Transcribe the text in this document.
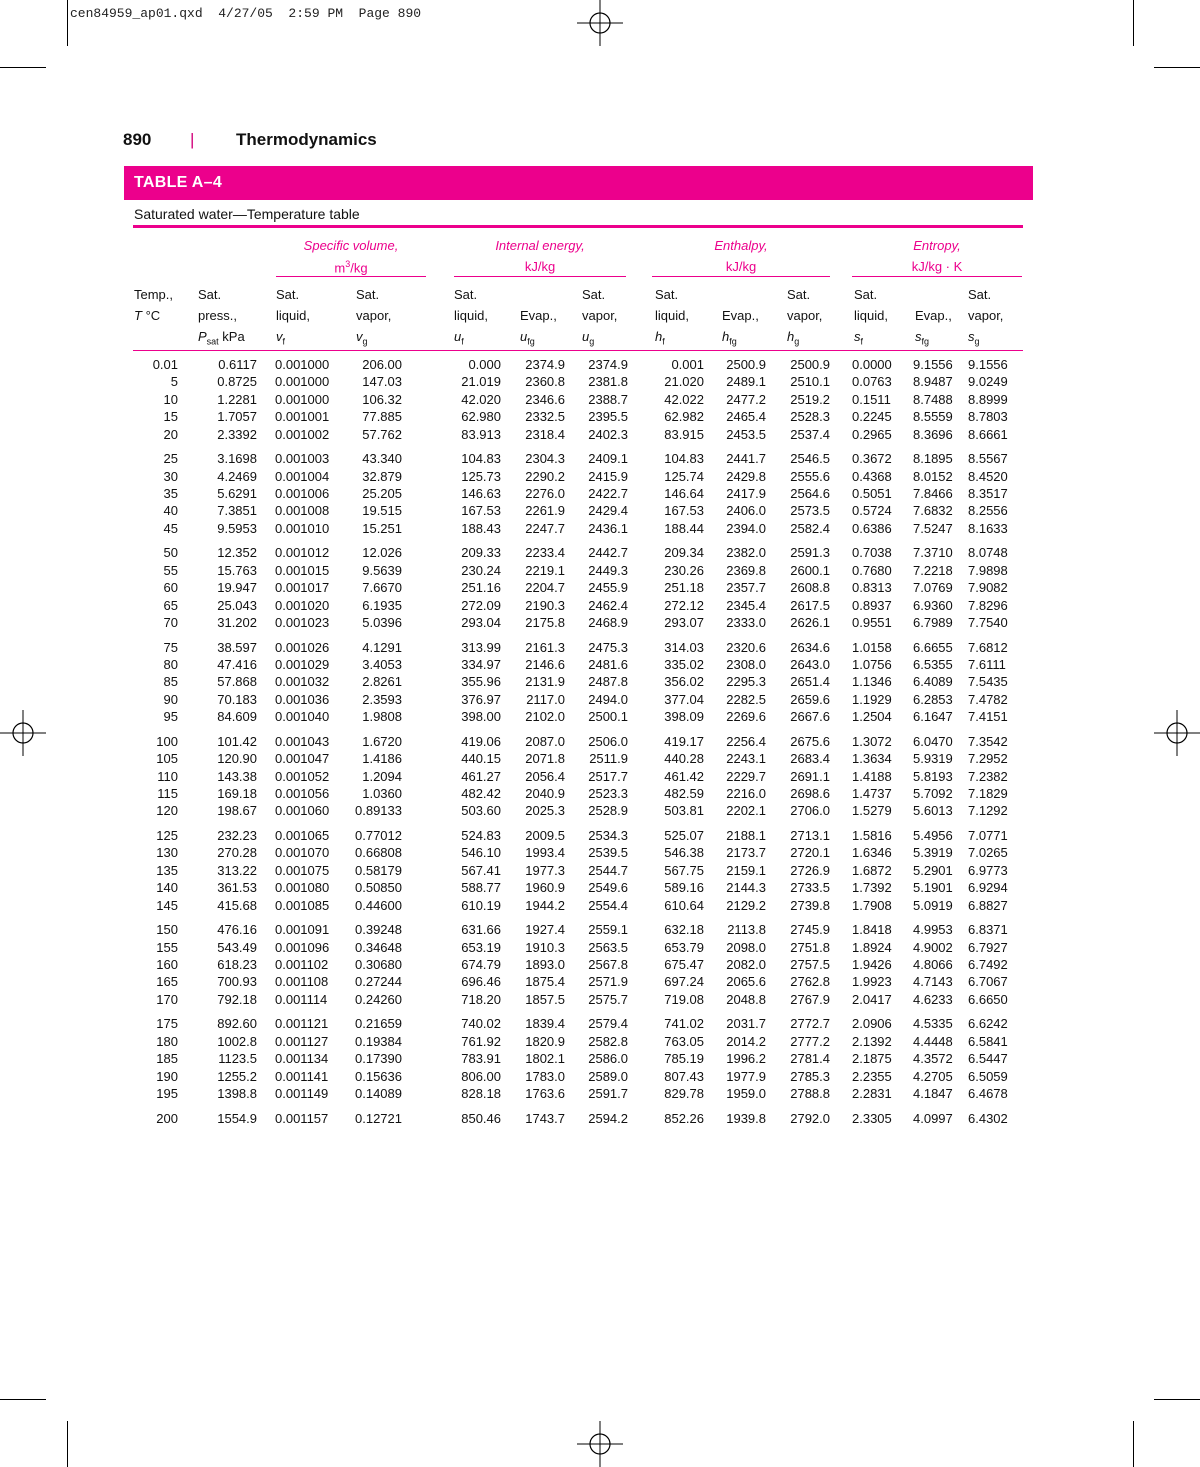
cen84959_ap01.qxd  4/27/05  2:59 PM  Page 890
890 | Thermodynamics
TABLE A–4
Saturated water—Temperature table
Specific volume,
$m^3/kg$
Internal energy,
kJ/kg
Enthalpy,
kJ/kg
Entropy,
kJ/kg · K
Temp.,
T °C
Sat.
press.,
$P_{sat}$ kPa
Sat.
liquid,
$v_f$
Sat.
vapor,
$v_g$
Sat.
liquid,
$u_f$

Evap.,
$u_{fg}$
Sat.
vapor,
$u_g$
Sat.
liquid,
$h_f$

Evap.,
$h_{fg}$
Sat.
vapor,
$h_g$
Sat.
liquid,
$s_f$

Evap.,
$s_{fg}$
Sat.
vapor,
$s_g$
0.01	0.6117 0.001000	206.00	0.000	2374.9	2374.9	0.001	2500.9	2500.9 0.0000 9.1556 9.1556
5	0.8725 0.001000	147.03	21.019	2360.8	2381.8	21.020	2489.1	2510.1 0.0763 8.9487 9.0249
10	1.2281 0.001000	106.32	42.020	2346.6	2388.7	42.022	2477.2	2519.2 0.1511 8.7488 8.8999
15	1.7057 0.001001	77.885	62.980	2332.5	2395.5	62.982	2465.4	2528.3 0.2245 8.5559 8.7803
20	2.3392 0.001002	57.762	83.913	2318.4	2402.3	83.915	2453.5	2537.4 0.2965 8.3696 8.6661
25	3.1698 0.001003	43.340	104.83	2304.3	2409.1	104.83	2441.7	2546.5 0.3672 8.1895 8.5567
30	4.2469 0.001004	32.879	125.73	2290.2	2415.9	125.74	2429.8	2555.6 0.4368 8.0152 8.4520
35	5.6291 0.001006	25.205	146.63	2276.0	2422.7	146.64	2417.9	2564.6 0.5051 7.8466 8.3517
40	7.3851 0.001008	19.515	167.53	2261.9	2429.4	167.53	2406.0	2573.5 0.5724 7.6832 8.2556
45	9.5953 0.001010	15.251	188.43	2247.7	2436.1	188.44	2394.0	2582.4 0.6386 7.5247 8.1633
50	12.352 0.001012	12.026	209.33	2233.4	2442.7	209.34	2382.0	2591.3 0.7038 7.3710 8.0748
55	15.763 0.001015	9.5639	230.24	2219.1	2449.3	230.26	2369.8	2600.1 0.7680 7.2218 7.9898
60	19.947 0.001017	7.6670	251.16	2204.7	2455.9	251.18	2357.7	2608.8 0.8313 7.0769 7.9082
65	25.043 0.001020	6.1935	272.09	2190.3	2462.4	272.12	2345.4	2617.5 0.8937 6.9360 7.8296
70	31.202 0.001023	5.0396	293.04	2175.8	2468.9	293.07	2333.0	2626.1 0.9551 6.7989 7.7540
75	38.597 0.001026	4.1291	313.99	2161.3	2475.3	314.03	2320.6	2634.6 1.0158 6.6655 7.6812
80	47.416 0.001029	3.4053	334.97	2146.6	2481.6	335.02	2308.0	2643.0 1.0756 6.5355 7.6111
85	57.868 0.001032	2.8261	355.96	2131.9	2487.8	356.02	2295.3	2651.4 1.1346 6.4089 7.5435
90	70.183 0.001036	2.3593	376.97	2117.0	2494.0	377.04	2282.5	2659.6 1.1929 6.2853 7.4782
95	84.609 0.001040	1.9808	398.00	2102.0	2500.1	398.09	2269.6	2667.6 1.2504 6.1647 7.4151
100	101.42 0.001043	1.6720	419.06	2087.0	2506.0	419.17	2256.4	2675.6 1.3072 6.0470 7.3542
105	120.90 0.001047	1.4186	440.15	2071.8	2511.9	440.28	2243.1	2683.4 1.3634 5.9319 7.2952
110	143.38 0.001052	1.2094	461.27	2056.4	2517.7	461.42	2229.7	2691.1 1.4188 5.8193 7.2382
115	169.18 0.001056	1.0360	482.42	2040.9	2523.3	482.59	2216.0	2698.6 1.4737 5.7092 7.1829
120	198.67 0.001060	0.89133	503.60	2025.3	2528.9	503.81	2202.1	2706.0 1.5279 5.6013 7.1292
125	232.23 0.001065	0.77012	524.83	2009.5	2534.3	525.07	2188.1	2713.1 1.5816 5.4956 7.0771
130	270.28 0.001070	0.66808	546.10	1993.4	2539.5	546.38	2173.7	2720.1 1.6346 5.3919 7.0265
135	313.22 0.001075	0.58179	567.41	1977.3	2544.7	567.75	2159.1	2726.9 1.6872 5.2901 6.9773
140	361.53 0.001080	0.50850	588.77	1960.9	2549.6	589.16	2144.3	2733.5 1.7392 5.1901 6.9294
145	415.68 0.001085	0.44600	610.19	1944.2	2554.4	610.64	2129.2	2739.8 1.7908 5.0919 6.8827
150	476.16 0.001091	0.39248	631.66	1927.4	2559.1	632.18	2113.8	2745.9 1.8418 4.9953 6.8371
155	543.49 0.001096	0.34648	653.19	1910.3	2563.5	653.79	2098.0	2751.8 1.8924 4.9002 6.7927
160	618.23 0.001102	0.30680	674.79	1893.0	2567.8	675.47	2082.0	2757.5 1.9426 4.8066 6.7492
165	700.93 0.001108	0.27244	696.46	1875.4	2571.9	697.24	2065.6	2762.8 1.9923 4.7143 6.7067
170	792.18 0.001114	0.24260	718.20	1857.5	2575.7	719.08	2048.8	2767.9 2.0417 4.6233 6.6650
175	892.60 0.001121	0.21659	740.02	1839.4	2579.4	741.02	2031.7	2772.7 2.0906 4.5335 6.6242
180	1002.8 0.001127	0.19384	761.92	1820.9	2582.8	763.05	2014.2	2777.2 2.1392 4.4448 6.5841
185	1123.5 0.001134	0.17390	783.91	1802.1	2586.0	785.19	1996.2	2781.4 2.1875 4.3572 6.5447
190	1255.2 0.001141	0.15636	806.00	1783.0	2589.0	807.43	1977.9	2785.3 2.2355 4.2705 6.5059
195	1398.8 0.001149	0.14089	828.18	1763.6	2591.7	829.78	1959.0	2788.8 2.2831 4.1847 6.4678
200	1554.9 0.001157	0.12721	850.46	1743.7	2594.2	852.26	1939.8	2792.0 2.3305 4.0997 6.4302
